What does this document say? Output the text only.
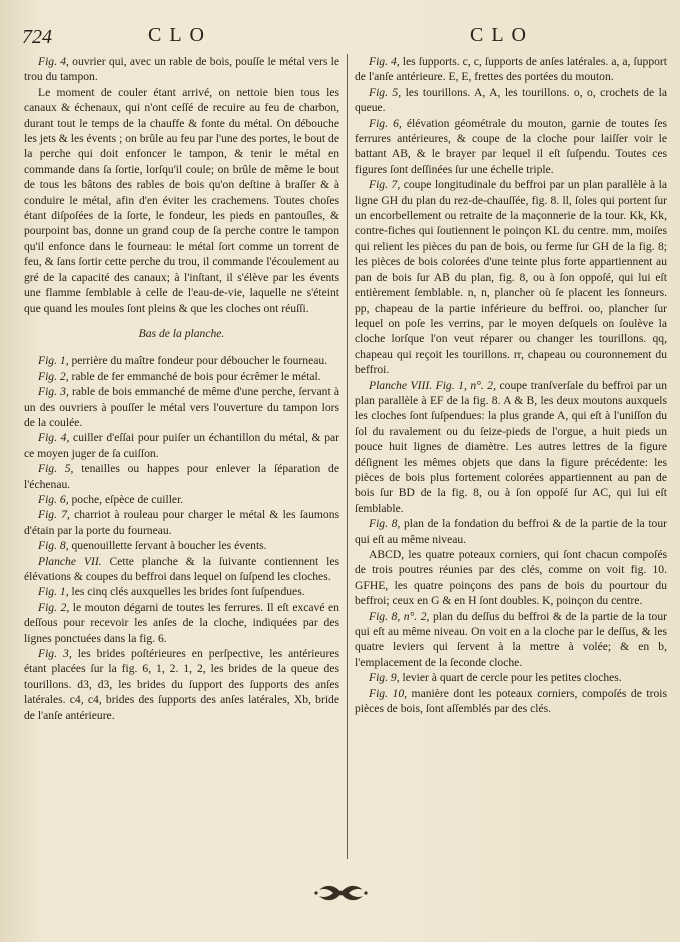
724	CLO	CLO

Fig. 4, ouvrier qui, avec un rable de bois, pouſſe le métal vers le trou du tampon.

Le moment de couler étant arrivé, on nettoie bien tous les canaux & échenaux, qui n'ont ceſſé de recuire au feu de charbon, durant tout le temps de la chauffe & fonte du métal. On débouche les jets & les évents ; on brûle au feu par l'une des portes, le bout de la perche qui doit enfoncer le tampon, & tenir le métal en commande dans ſa ſortie, lorſqu'il coule; on brûle de même le bout de tous les bâtons des rables de bois qu'on deſtine à braſſer & à conduire le métal, afin d'en éviter les crachemens. Toutes choſes étant diſpoſées de la ſorte, le fondeur, les pieds en pantouſles, & pourpoint bas, donne un grand coup de ſa perche contre le tampon qu'il enfonce dans le fourneau: le métal ſort comme un torrent de feu, & ſans ſortir cette perche du trou, il commande l'écoulement au gré de la capacité des canaux; à l'inſtant, il s'élève par les évents une flamme ſemblable à celle de l'eau-de-vie, laquelle ne s'éteint que quand les moules ſont pleins & que les cloches ont réuſſi.

Bas de la planche.

Fig. 1, perrière du maître fondeur pour déboucher le fourneau.

Fig. 2, rable de fer emmanché de bois pour écrêmer le métal.

Fig. 3, rable de bois emmanché de même d'une perche, ſervant à un des ouvriers à pouſſer le métal vers l'ouverture du tampon lors de la coulée.

Fig. 4, cuiller d'eſſai pour puiſer un échantillon du métal, & par ce moyen juger de ſa cuiſſon.

Fig. 5, tenailles ou happes pour enlever la ſéparation de l'échenau.

Fig. 6, poche, eſpèce de cuiller.

Fig. 7, charriot à rouleau pour charger le métal & les ſaumons d'étain par la porte du fourneau.

Fig. 8, quenouillette ſervant à boucher les évents.

Planche VII. Cette planche & la ſuivante contiennent les élévations & coupes du beffroi dans lequel on ſuſpend les cloches.

Fig. 1, les cinq clés auxquelles les brides ſont ſuſpendues.

Fig. 2, le mouton dégarni de toutes les ferrures. Il eſt excavé en deſſous pour recevoir les anſes de la cloche, indiquées par des lignes ponctuées dans la fig. 6.

Fig. 3, les brides poſtérieures en perſpective, les antérieures étant placées ſur la fig. 6, 1, 2. 1, 2, les brides de la queue des tourillons. d3, d3, les brides du ſupport des ſupports des anſes latérales. c4, c4, brides des ſupports des anſes latérales, Xb, bride de l'anſe antérieure.

Fig. 4, les ſupports. c, c, ſupports de anſes latérales. a, a, ſupport de l'anſe antérieure. E, E, frettes des portées du mouton.

Fig. 5, les tourillons. A, A, les tourillons. o, o, crochets de la queue.

Fig. 6, élévation géométrale du mouton, garnie de toutes ſes ferrures antérieures, & coupe de la cloche pour laiſſer voir le battant AB, & le brayer par lequel il eſt ſuſpendu. Toutes ces figures ſont deſſinées ſur une échelle triple.

Fig. 7, coupe longitudinale du beffroi par un plan parallèle à la ligne GH du plan du rez-de-chauſſée, fig. 8. ll, ſoles qui portent ſur un encorbellement ou retraite de la maçonnerie de la tour. Kk, Kk, contre-fiches qui ſoutiennent le poinçon KL du centre. mm, moiſes qui relient les pièces du pan de bois, ou ferme ſur GH de la fig. 8; les pièces de bois colorées d'une teinte plus forte appartiennent au pan de bois ſur AB du plan, fig. 8, ou à ſon oppoſé, qui lui eſt entièrement ſemblable. n, n, plancher où ſe placent les ſonneurs. pp, chapeau de la partie inférieure du beffroi. oo, plancher ſur lequel on poſe les verrins, par le moyen deſquels on ſoulève la cloche lorſque l'on veut réparer ou changer les tourillons. qq, chapeau qui reçoit les tourillons. rr, chapeau ou couronnement du beffroi.

Planche VIII. Fig. 1, n°. 2, coupe tranſverſale du beffroi par un plan parallèle à EF de la fig. 8. A & B, les deux moutons auxquels les cloches ſont ſuſpendues: la plus grande A, qui eſt à l'uniſſon du ſol du ravalement ou du ſeize-pieds de l'orgue, a huit pieds un pouce huit lignes de diamètre. Les autres lettres de la figure déſignent les mêmes objets que dans la figure précédente: les pièces de bois plus fortement colorées appartiennent au pan de bois ſur BD de la fig. 8, ou à ſon oppoſé ſur AC, qui lui eſt ſemblable.

Fig. 8, plan de la fondation du beffroi & de la partie de la tour qui eſt au même niveau.

ABCD, les quatre poteaux corniers, qui ſont chacun compoſés de trois poutres réunies par des clés, comme on voit fig. 10. GFHE, les quatre poinçons des pans de bois du pourtour du beffroi; ceux en G & en H ſont doubles. K, poinçon du centre.

Fig. 8, n°. 2, plan du deſſus du beffroi & de la partie de la tour qui eſt au même niveau. On voit en a la cloche par le deſſus, & les quatre leviers qui ſervent à la mettre à volée; & en b, l'emplacement de la ſeconde cloche.

Fig. 9, levier à quart de cercle pour les petites cloches.

Fig. 10, manière dont les poteaux corniers, compoſés de trois pièces de bois, ſont aſſemblés par des clés.
